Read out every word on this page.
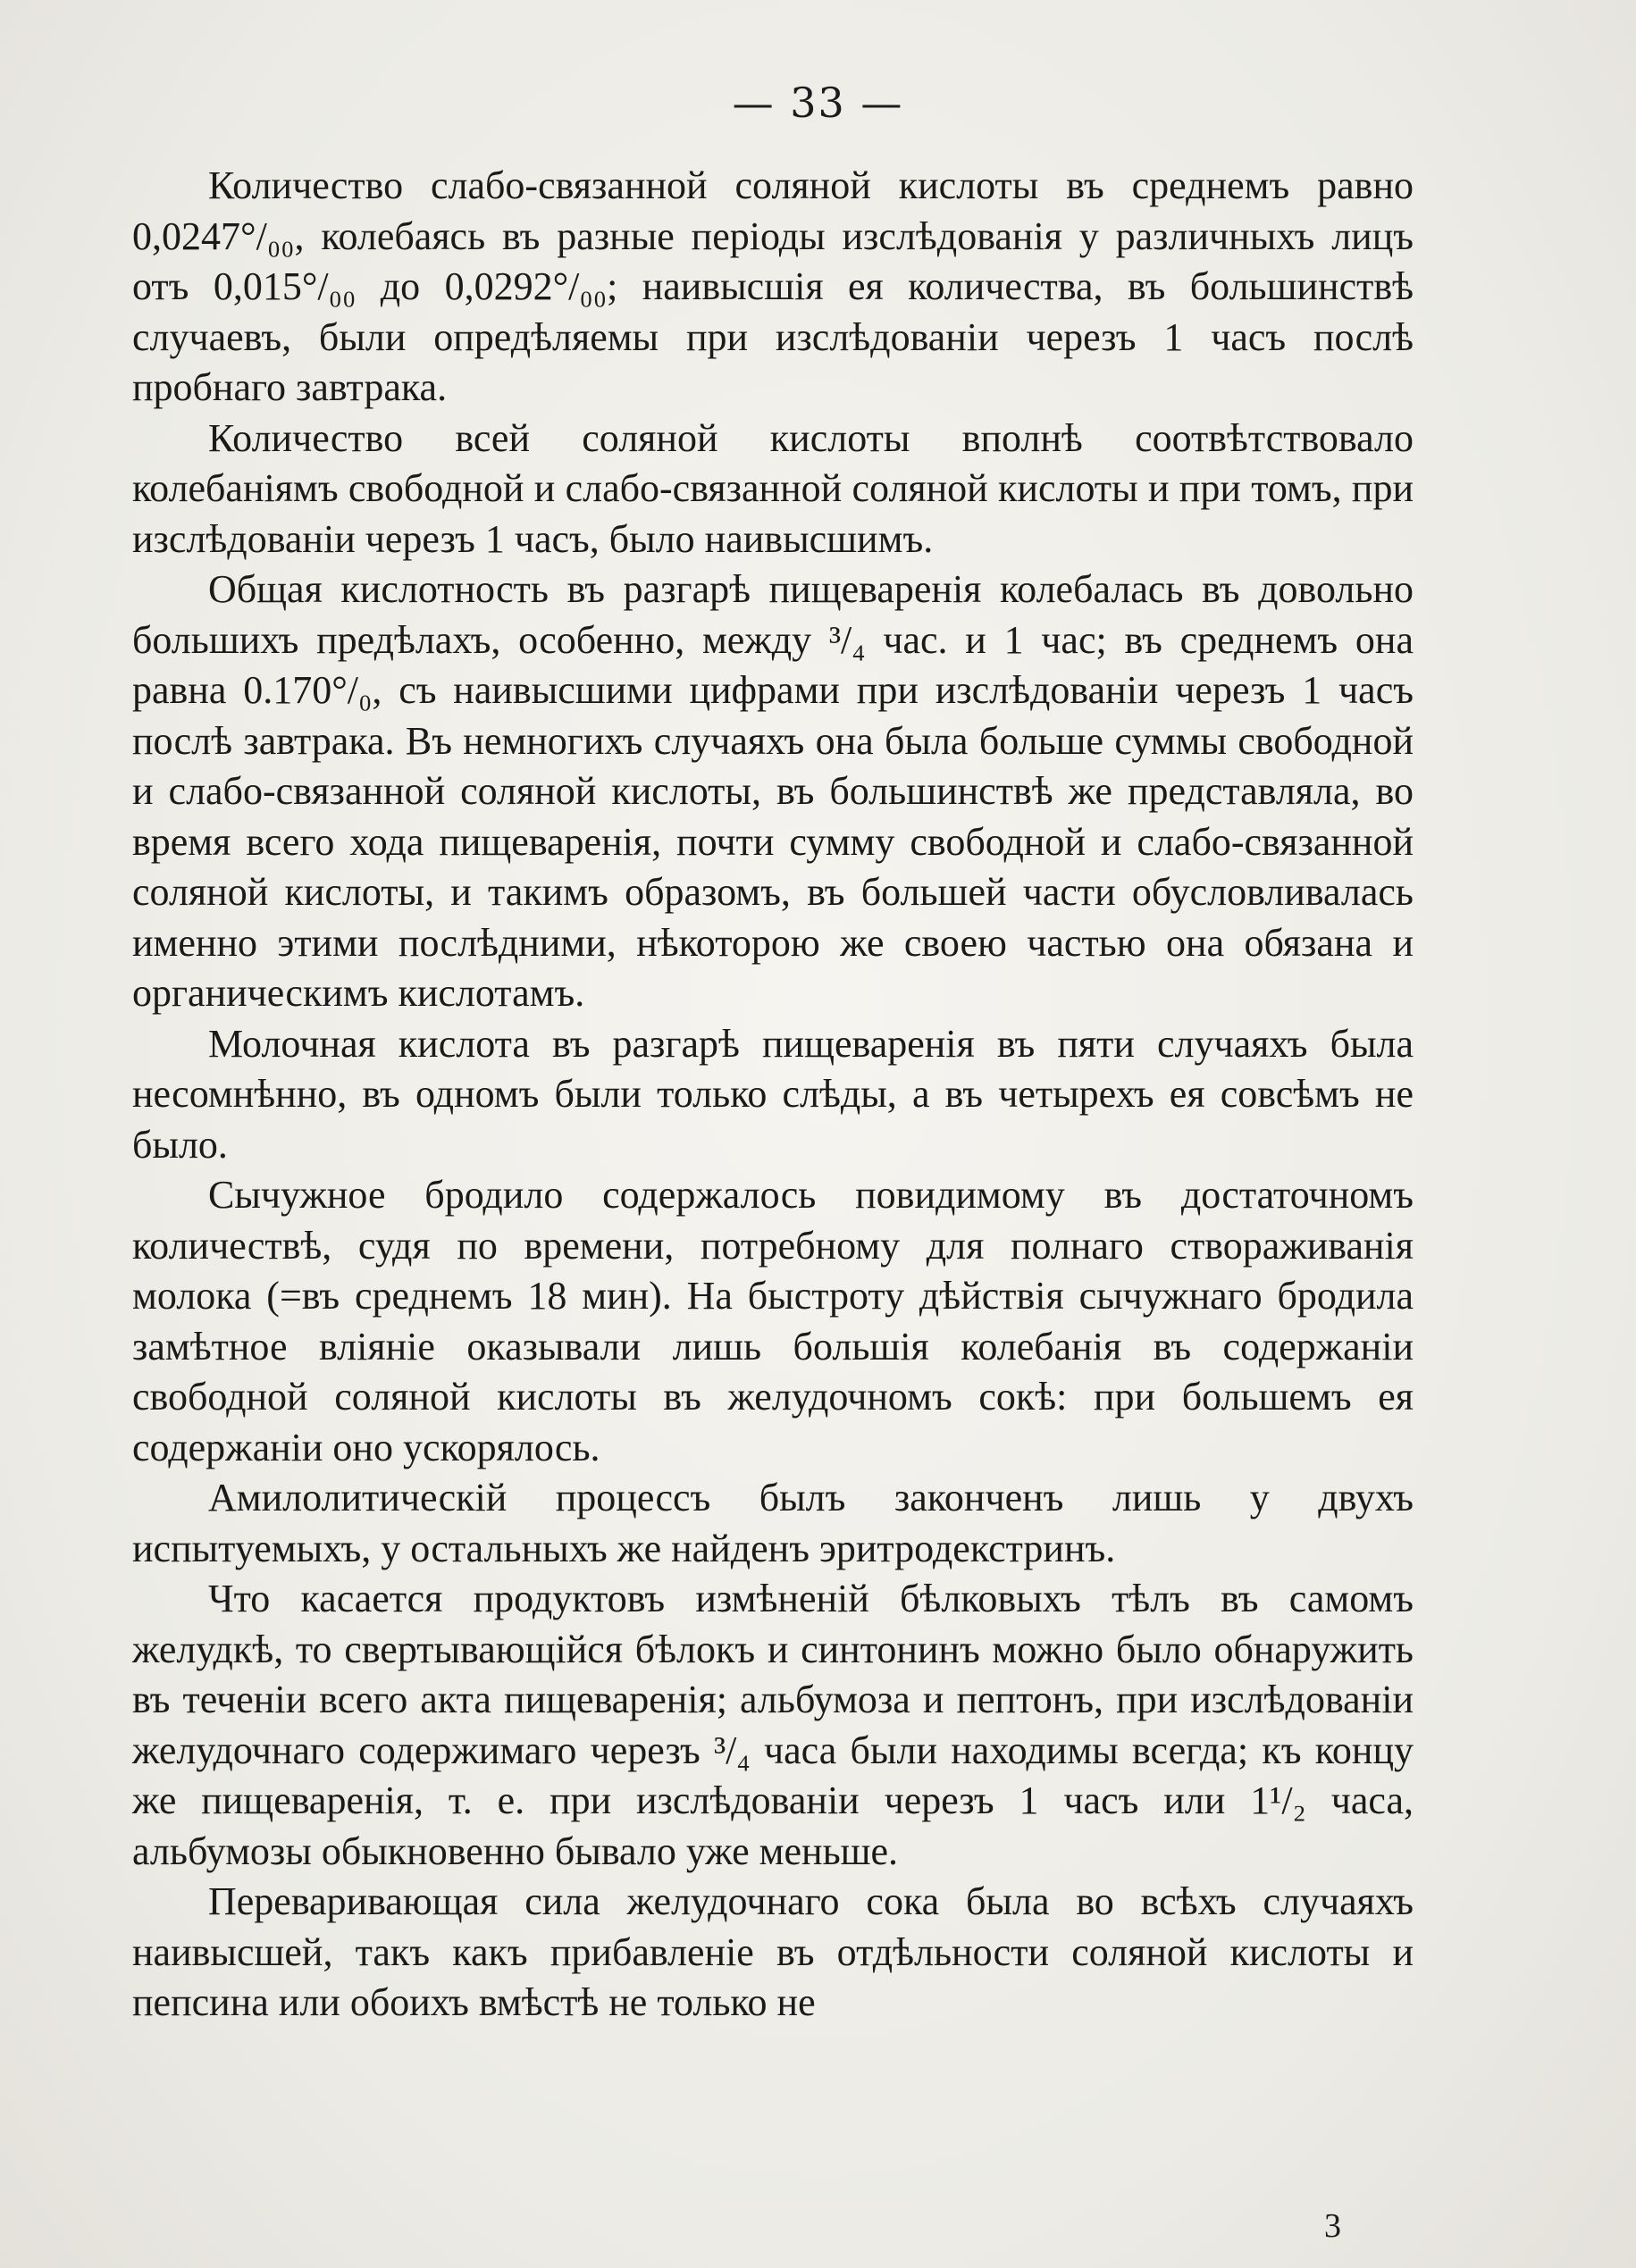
— 33 —

Количество слабо-связанной соляной кислоты въ среднемъ равно 0,0247°/₀₀, колебаясь въ разные періоды изслѣдованія у различныхъ лицъ отъ 0,015°/₀₀ до 0,0292°/₀₀; наивысшія ея количества, въ большинствѣ случаевъ, были опредѣляемы при изслѣдованіи черезъ 1 часъ послѣ пробнаго завтрака.

Количество всей соляной кислоты вполнѣ соотвѣтствовало колебаніямъ свободной и слабо-связанной соляной кислоты и при томъ, при изслѣдованіи черезъ 1 часъ, было наивысшимъ.

Общая кислотность въ разгарѣ пищеваренія колебалась въ довольно большихъ предѣлахъ, особенно, между ³/₄ час. и 1 час; въ среднемъ она равна 0.170°/₀, съ наивысшими цифрами при изслѣдованіи черезъ 1 часъ послѣ завтрака. Въ немногихъ случаяхъ она была больше суммы свободной и слабо-связанной соляной кислоты, въ большинствѣ же представляла, во время всего хода пищеваренія, почти сумму свободной и слабо-связанной соляной кислоты, и такимъ образомъ, въ большей части обусловливалась именно этими послѣдними, нѣкоторою же своею частью она обязана и органическимъ кислотамъ.

Молочная кислота въ разгарѣ пищеваренія въ пяти случаяхъ была несомнѣнно, въ одномъ были только слѣды, а въ четырехъ ея совсѣмъ не было.

Сычужное бродило содержалось повидимому въ достаточномъ количествѣ, судя по времени, потребному для полнаго створаживанія молока (=въ среднемъ 18 мин). На быстроту дѣйствія сычужнаго бродила замѣтное вліяніе оказывали лишь большія колебанія въ содержаніи свободной соляной кислоты въ желудочномъ сокѣ: при большемъ ея содержаніи оно ускорялось.

Амилолитическій процессъ былъ законченъ лишь у двухъ испытуемыхъ, у остальныхъ же найденъ эритродекстринъ.

Что касается продуктовъ измѣненій бѣлковыхъ тѣлъ въ самомъ желудкѣ, то свертывающійся бѣлокъ и синтонинъ можно было обнаружить въ теченіи всего акта пищеваренія; альбумоза и пептонъ, при изслѣдованіи желудочнаго содержимаго черезъ ³/₄ часа были находимы всегда; къ концу же пищеваренія, т. е. при изслѣдованіи черезъ 1 часъ или 1¹/₂ часа, альбумозы обыкновенно бывало уже меньше.

Переваривающая сила желудочнаго сока была во всѣхъ случаяхъ наивысшей, такъ какъ прибавленіе въ отдѣльности соляной кислоты и пепсина или обоихъ вмѣстѣ не только не

3
